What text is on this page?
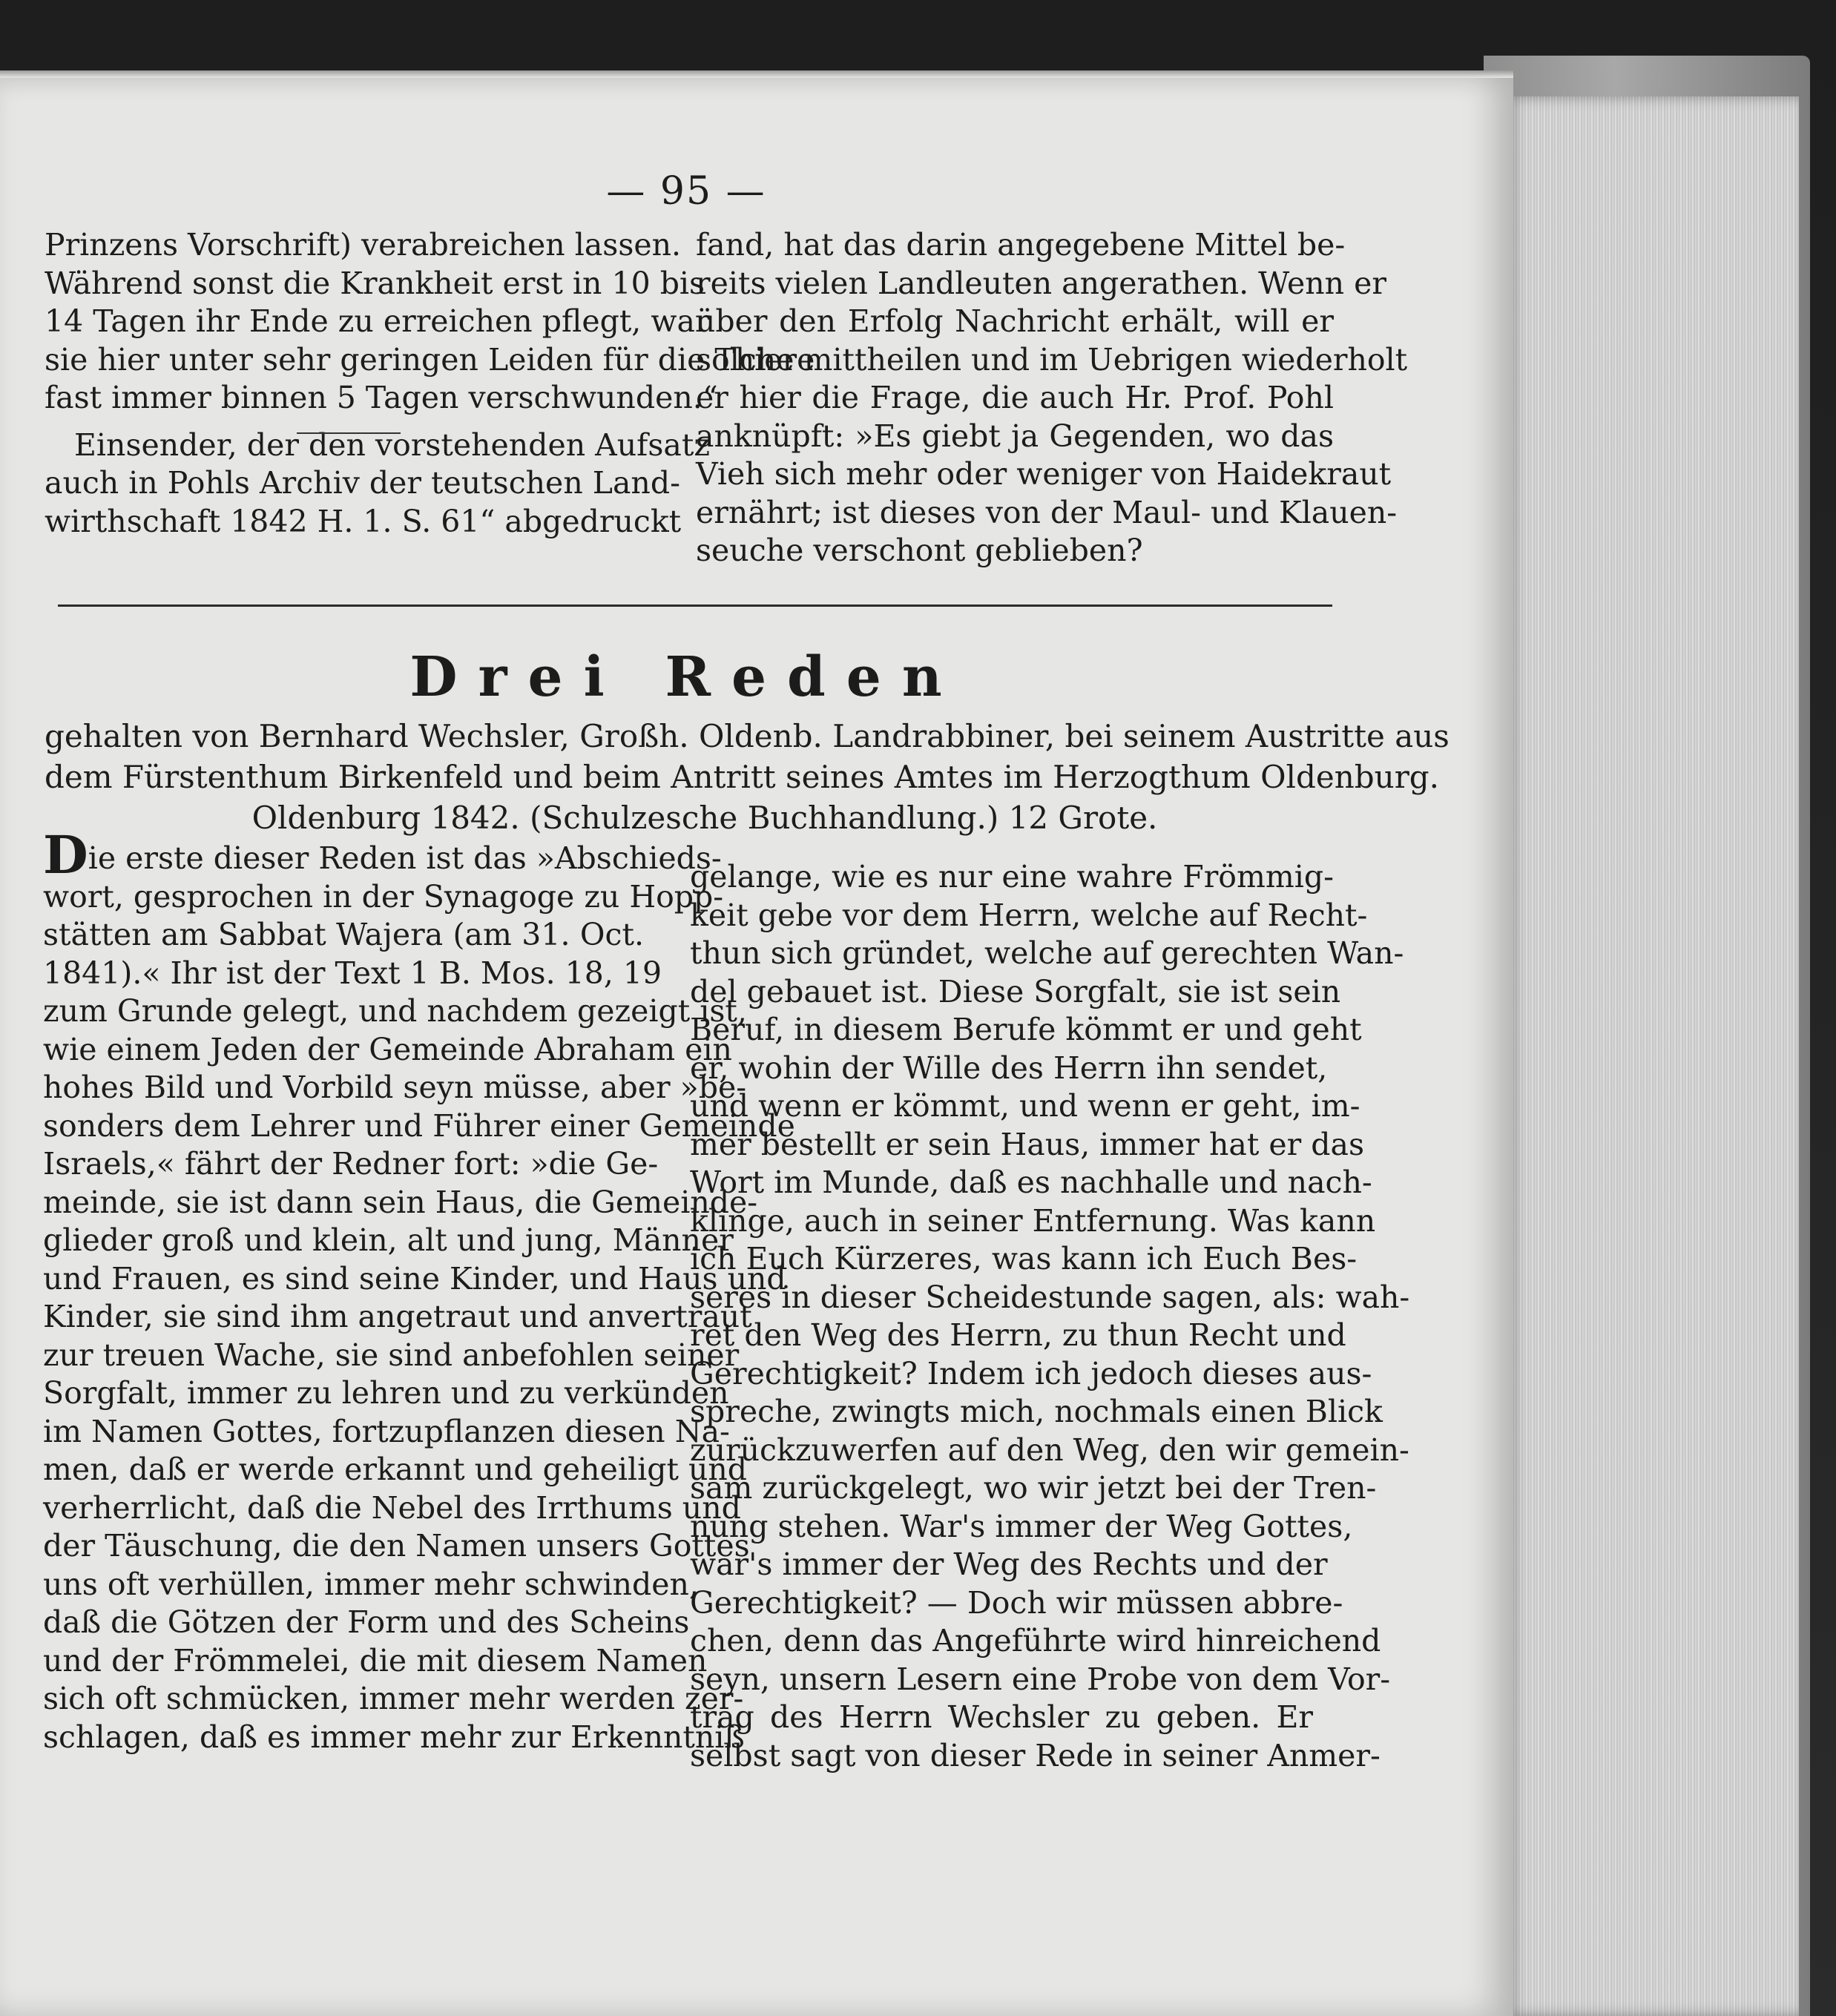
— 95 —
Prinzens Vorschrift) verabreichen lassen.
Während sonst die Krankheit erst in 10 bis
14 Tagen ihr Ende zu erreichen pflegt, war
sie hier unter sehr geringen Leiden für die Thiere
fast immer binnen 5 Tagen verschwunden.“
Einsender, der den vorstehenden Aufsatz
auch in Pohls Archiv der teutschen Land-
wirthschaft 1842 H. 1. S. 61“ abgedruckt
fand, hat das darin angegebene Mittel be-
reits vielen Landleuten angerathen. Wenn er
über den Erfolg Nachricht erhält, will er
solche mittheilen und im Uebrigen wiederholt
er hier die Frage, die auch Hr. Prof. Pohl
anknüpft: »Es giebt ja Gegenden, wo das
Vieh sich mehr oder weniger von Haidekraut
ernährt; ist dieses von der Maul- und Klauen-
seuche verschont geblieben?
Drei Reden
gehalten von Bernhard Wechsler, Großh. Oldenb. Landrabbiner, bei seinem Austritte aus
dem Fürstenthum Birkenfeld und beim Antritt seines Amtes im Herzogthum Oldenburg.
Oldenburg 1842. (Schulzesche Buchhandlung.) 12 Grote.
Die erste dieser Reden ist das »Abschieds-
wort, gesprochen in der Synagoge zu Hopp-
stätten am Sabbat Wajera (am 31. Oct.
1841).« Ihr ist der Text 1 B. Mos. 18, 19
zum Grunde gelegt, und nachdem gezeigt ist,
wie einem Jeden der Gemeinde Abraham ein
hohes Bild und Vorbild seyn müsse, aber »be-
sonders dem Lehrer und Führer einer Gemeinde
Israels,« fährt der Redner fort: »die Ge-
meinde, sie ist dann sein Haus, die Gemeinde-
glieder groß und klein, alt und jung, Männer
und Frauen, es sind seine Kinder, und Haus und
Kinder, sie sind ihm angetraut und anvertraut
zur treuen Wache, sie sind anbefohlen seiner
Sorgfalt, immer zu lehren und zu verkünden
im Namen Gottes, fortzupflanzen diesen Na-
men, daß er werde erkannt und geheiligt und
verherrlicht, daß die Nebel des Irrthums und
der Täuschung, die den Namen unsers Gottes
uns oft verhüllen, immer mehr schwinden,
daß die Götzen der Form und des Scheins
und der Frömmelei, die mit diesem Namen
sich oft schmücken, immer mehr werden zer-
schlagen, daß es immer mehr zur Erkenntniß
gelange, wie es nur eine wahre Frömmig-
keit gebe vor dem Herrn, welche auf Recht-
thun sich gründet, welche auf gerechten Wan-
del gebauet ist. Diese Sorgfalt, sie ist sein
Beruf, in diesem Berufe kömmt er und geht
er, wohin der Wille des Herrn ihn sendet,
und wenn er kömmt, und wenn er geht, im-
mer bestellt er sein Haus, immer hat er das
Wort im Munde, daß es nachhalle und nach-
klinge, auch in seiner Entfernung. Was kann
ich Euch Kürzeres, was kann ich Euch Bes-
seres in dieser Scheidestunde sagen, als: wah-
ret den Weg des Herrn, zu thun Recht und
Gerechtigkeit? Indem ich jedoch dieses aus-
spreche, zwingts mich, nochmals einen Blick
zurückzuwerfen auf den Weg, den wir gemein-
sam zurückgelegt, wo wir jetzt bei der Tren-
nung stehen. War's immer der Weg Gottes,
war's immer der Weg des Rechts und der
Gerechtigkeit? — Doch wir müssen abbre-
chen, denn das Angeführte wird hinreichend
seyn, unsern Lesern eine Probe von dem Vor-
trag des Herrn Wechsler zu geben. Er
selbst sagt von dieser Rede in seiner Anmer-
